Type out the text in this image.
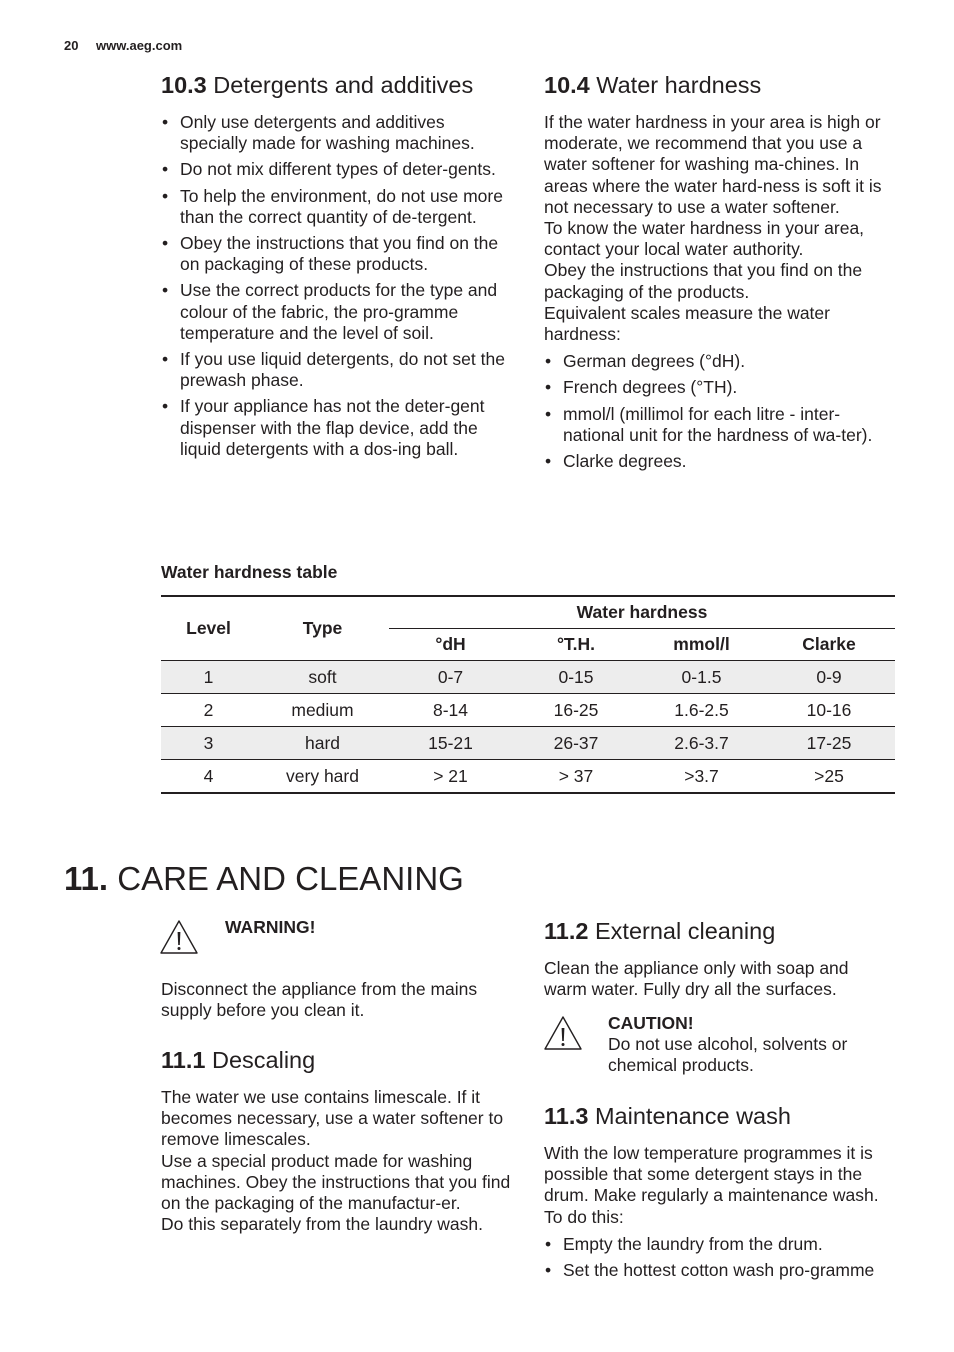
20 www.aeg.com
10.3 Detergents and additives
• Only use detergents and additives specially made for washing machines.
• Do not mix different types of deter-gents.
• To help the environment, do not use more than the correct quantity of de-tergent.
• Obey the instructions that you find on the on packaging of these products.
• Use the correct products for the type and colour of the fabric, the pro-gramme temperature and the level of soil.
• If you use liquid detergents, do not set the prewash phase.
• If your appliance has not the deter-gent dispenser with the flap device, add the liquid detergents with a dos-ing ball.
10.4 Water hardness
If the water hardness in your area is high or moderate, we recommend that you use a water softener for washing ma-chines. In areas where the water hard-ness is soft it is not necessary to use a water softener.
To know the water hardness in your area, contact your local water authority.
Obey the instructions that you find on the packaging of the products.
Equivalent scales measure the water hardness:
• German degrees (°dH).
• French degrees (°TH).
• mmol/l (millimol for each litre - inter-national unit for the hardness of wa-ter).
• Clarke degrees.
Water hardness table
Level	Type	Water hardness			
		°dH	°T.H.	mmol/l	Clarke
1	soft	0-7	0-15	0-1.5	0-9
2	medium	8-14	16-25	1.6-2.5	10-16
3	hard	15-21	26-37	2.6-3.7	17-25
4	very hard	> 21	> 37	>3.7	>25
11. CARE AND CLEANING
WARNING!
Disconnect the appliance from the mains supply before you clean it.
11.1 Descaling
The water we use contains limescale. If it becomes necessary, use a water softener to remove limescales.
Use a special product made for washing machines. Obey the instructions that you find on the packaging of the manufactur-er.
Do this separately from the laundry wash.
11.2 External cleaning
Clean the appliance only with soap and warm water. Fully dry all the surfaces.
CAUTION!
Do not use alcohol, solvents or chemical products.
11.3 Maintenance wash
With the low temperature programmes it is possible that some detergent stays in the drum. Make regularly a maintenance wash. To do this:
• Empty the laundry from the drum.
• Set the hottest cotton wash pro-gramme
